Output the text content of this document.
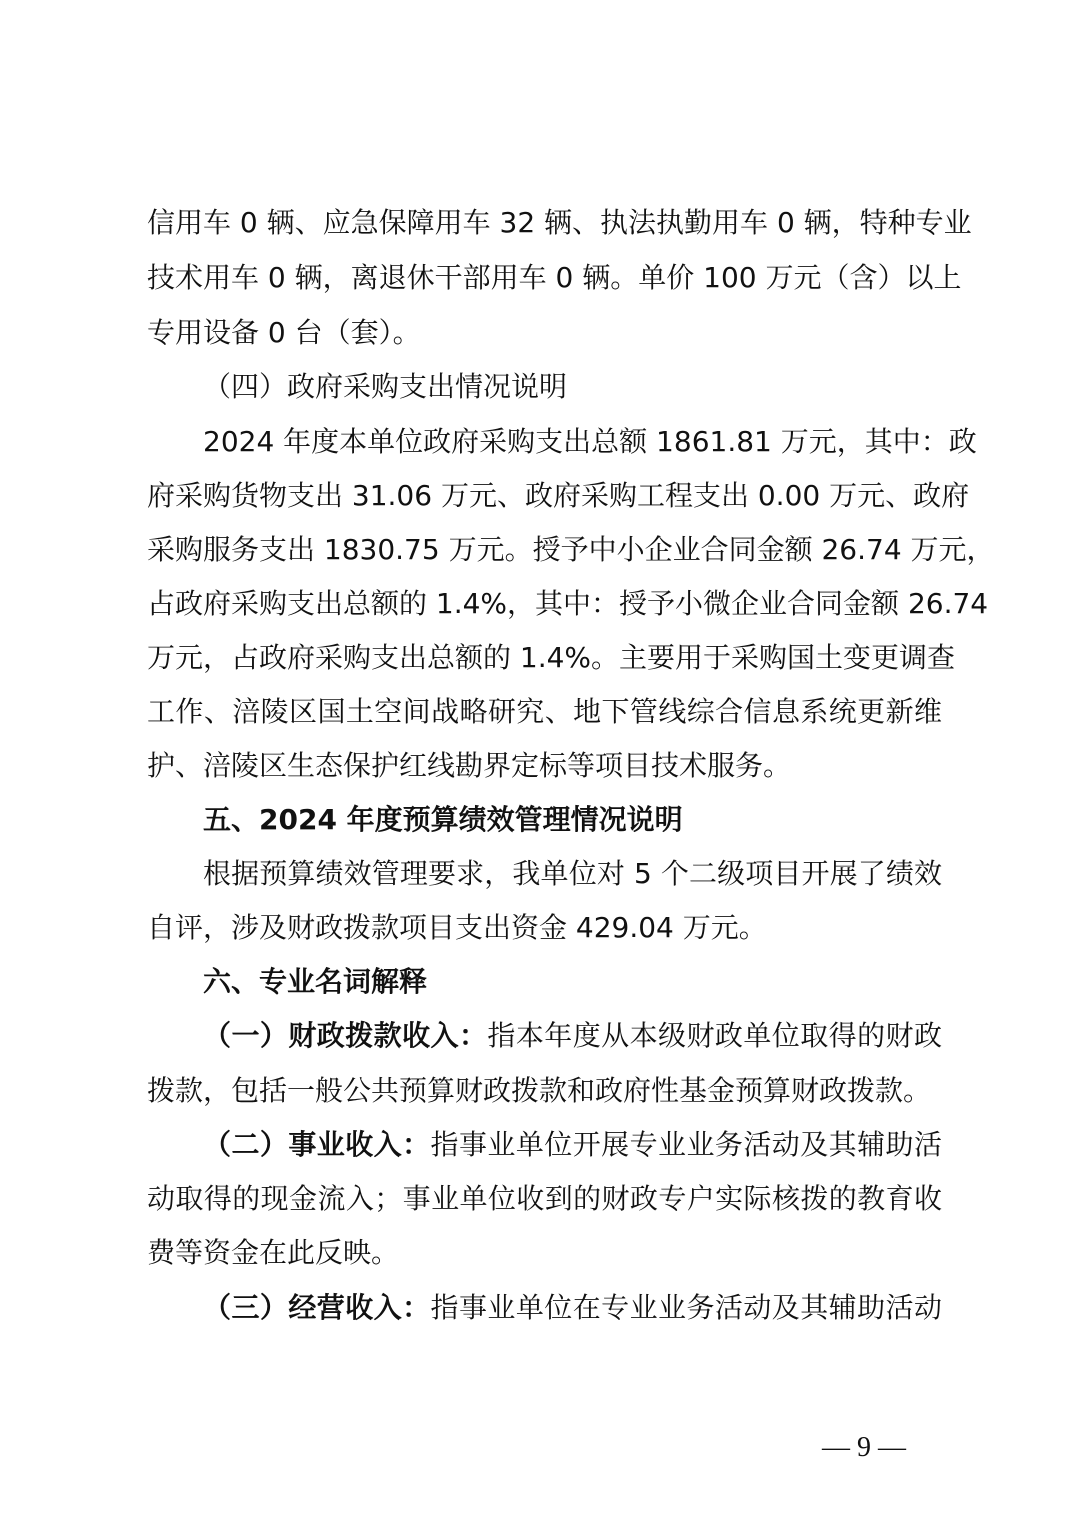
信用车 0 辆、应急保障用车 32 辆、执法执勤用车 0 辆，特种专业
技术用车 0 辆，离退休干部用车 0 辆。单价 100 万元（含）以上
专用设备 0 台（套）。
（四）政府采购支出情况说明
2024 年度本单位政府采购支出总额 1861.81 万元，其中：政
府采购货物支出 31.06 万元、政府采购工程支出 0.00 万元、政府
采购服务支出 1830.75 万元。授予中小企业合同金额 26.74 万元，
占政府采购支出总额的 1.4%，其中：授予小微企业合同金额 26.74
万元，占政府采购支出总额的 1.4%。主要用于采购国土变更调查
工作、涪陵区国土空间战略研究、地下管线综合信息系统更新维
护、涪陵区生态保护红线勘界定标等项目技术服务。
五、2024 年度预算绩效管理情况说明
根据预算绩效管理要求，我单位对 5 个二级项目开展了绩效
自评，涉及财政拨款项目支出资金 429.04 万元。
六、专业名词解释
（一）财政拨款收入：指本年度从本级财政单位取得的财政
拨款，包括一般公共预算财政拨款和政府性基金预算财政拨款。
（二）事业收入：指事业单位开展专业业务活动及其辅助活
动取得的现金流入；事业单位收到的财政专户实际核拨的教育收
费等资金在此反映。
（三）经营收入：指事业单位在专业业务活动及其辅助活动
— 9 —
